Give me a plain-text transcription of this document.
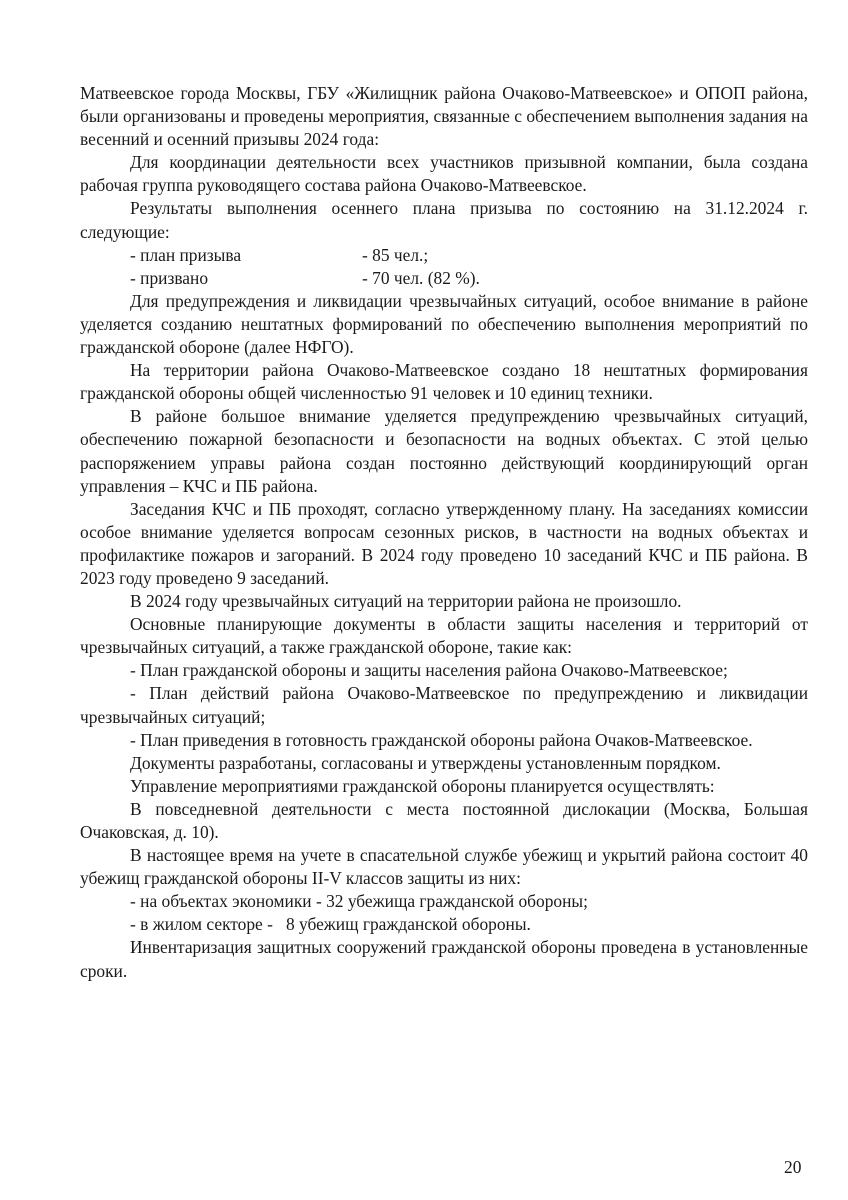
Матвеевское города Москвы, ГБУ «Жилищник района Очаково-Матвеевское» и ОПОП района, были организованы и проведены мероприятия, связанные с обеспечением выполнения задания на весенний и осенний призывы 2024 года:

Для координации деятельности всех участников призывной компании, была создана рабочая группа руководящего состава района Очаково-Матвеевское.

Результаты выполнения осеннего плана призыва по состоянию на 31.12.2024 г. следующие:

- план призыва	- 85 чел.;
- призвано	- 70 чел. (82 %).

Для предупреждения и ликвидации чрезвычайных ситуаций, особое внимание в районе уделяется созданию нештатных формирований по обеспечению выполнения мероприятий по гражданской обороне (далее НФГО).

На территории района Очаково-Матвеевское создано 18 нештатных формирования гражданской обороны общей численностью 91 человек и 10 единиц техники.

В районе большое внимание уделяется предупреждению чрезвычайных ситуаций, обеспечению пожарной безопасности и безопасности на водных объектах. С этой целью распоряжением управы района создан постоянно действующий координирующий орган управления – КЧС и ПБ района.

Заседания КЧС и ПБ проходят, согласно утвержденному плану. На заседаниях комиссии особое внимание уделяется вопросам сезонных рисков, в частности на водных объектах и профилактике пожаров и загораний. В 2024 году проведено 10 заседаний КЧС и ПБ района. В 2023 году проведено 9 заседаний.

В 2024 году чрезвычайных ситуаций на территории района не произошло.

Основные планирующие документы в области защиты населения и территорий от чрезвычайных ситуаций, а также гражданской обороне, такие как:

- План гражданской обороны и защиты населения района Очаково-Матвеевское;

- План действий района Очаково-Матвеевское по предупреждению и ликвидации чрезвычайных ситуаций;

- План приведения в готовность гражданской обороны района Очаков-Матвеевское.

Документы разработаны, согласованы и утверждены установленным порядком.

Управление мероприятиями гражданской обороны планируется осуществлять:

В повседневной деятельности с места постоянной дислокации (Москва, Большая Очаковская, д. 10).

В настоящее время на учете в спасательной службе убежищ и укрытий района состоит 40 убежищ гражданской обороны II-V классов защиты из них:

- на объектах экономики - 32 убежища гражданской обороны;

- в жилом секторе -   8 убежищ гражданской обороны.

Инвентаризация защитных сооружений гражданской обороны проведена в установленные сроки.

20
